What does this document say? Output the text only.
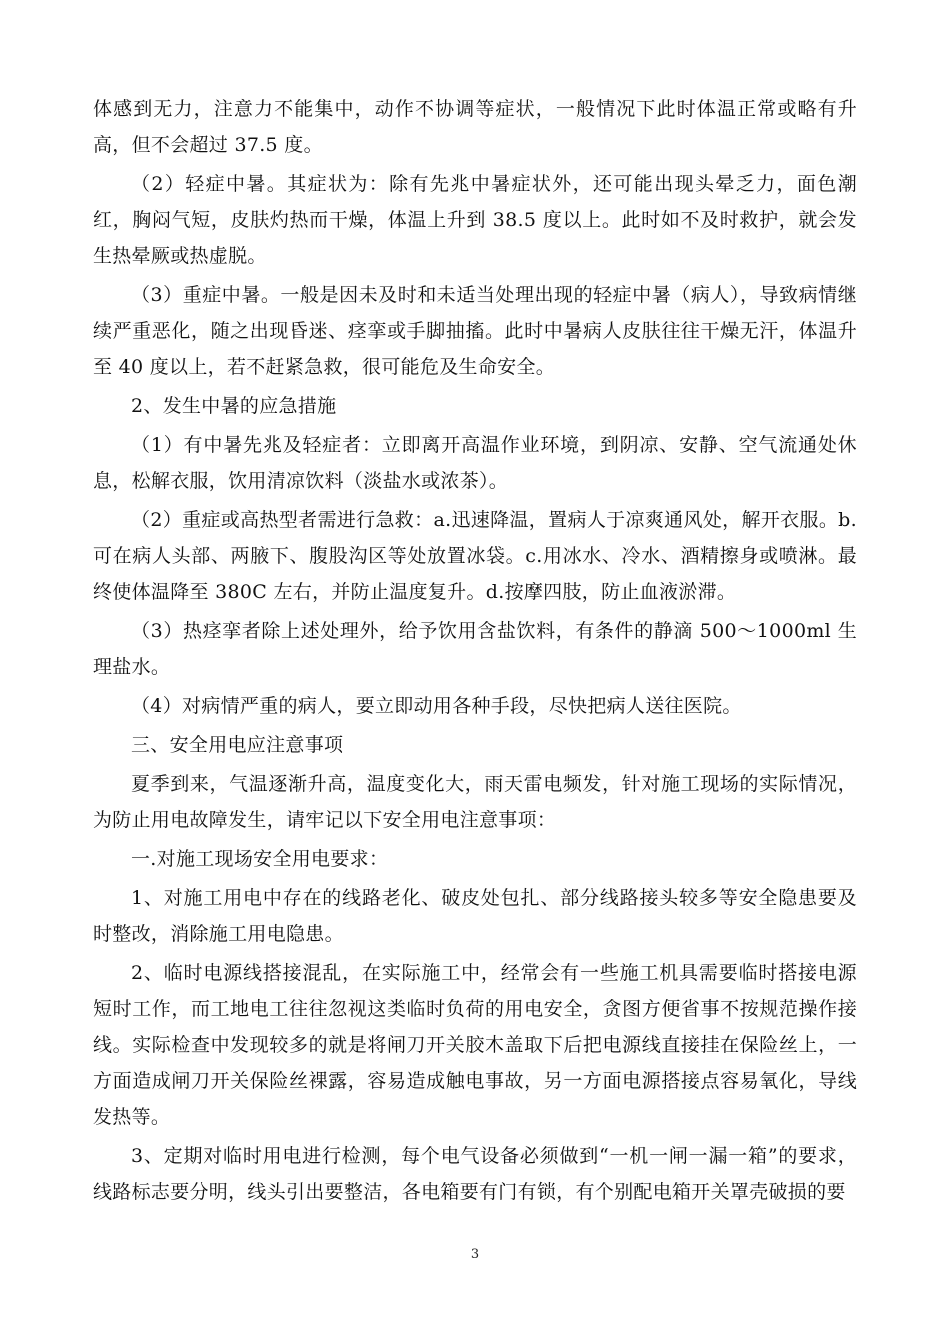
体感到无力，注意力不能集中，动作不协调等症状，一般情况下此时体温正常或略有升高，但不会超过 37.5 度。

（2）轻症中暑。其症状为：除有先兆中暑症状外，还可能出现头晕乏力，面色潮红，胸闷气短，皮肤灼热而干燥，体温上升到 38.5 度以上。此时如不及时救护，就会发生热晕厥或热虚脱。

（3）重症中暑。一般是因未及时和未适当处理出现的轻症中暑（病人），导致病情继续严重恶化，随之出现昏迷、痉挛或手脚抽搐。此时中暑病人皮肤往往干燥无汗，体温升至 40 度以上，若不赶紧急救，很可能危及生命安全。

2、发生中暑的应急措施

（1）有中暑先兆及轻症者：立即离开高温作业环境，到阴凉、安静、空气流通处休息，松解衣服，饮用清凉饮料（淡盐水或浓茶）。

（2）重症或高热型者需进行急救：a.迅速降温，置病人于凉爽通风处，解开衣服。b.可在病人头部、两腋下、腹股沟区等处放置冰袋。c.用冰水、冷水、酒精擦身或喷淋。最终使体温降至 380C 左右，并防止温度复升。d.按摩四肢，防止血液淤滞。

（3）热痉挛者除上述处理外，给予饮用含盐饮料，有条件的静滴 500～1000ml 生理盐水。

（4）对病情严重的病人，要立即动用各种手段，尽快把病人送往医院。

三、安全用电应注意事项

夏季到来，气温逐渐升高，温度变化大，雨天雷电频发，针对施工现场的实际情况，为防止用电故障发生，请牢记以下安全用电注意事项：

一.对施工现场安全用电要求：

1、对施工用电中存在的线路老化、破皮处包扎、部分线路接头较多等安全隐患要及时整改，消除施工用电隐患。

2、临时电源线搭接混乱，在实际施工中，经常会有一些施工机具需要临时搭接电源短时工作，而工地电工往往忽视这类临时负荷的用电安全，贪图方便省事不按规范操作接线。实际检查中发现较多的就是将闸刀开关胶木盖取下后把电源线直接挂在保险丝上，一方面造成闸刀开关保险丝裸露，容易造成触电事故，另一方面电源搭接点容易氧化，导线发热等。

3、定期对临时用电进行检测，每个电气设备必须做到“一机一闸一漏一箱”的要求，线路标志要分明，线头引出要整洁，各电箱要有门有锁，有个别配电箱开关罩壳破损的要

3
